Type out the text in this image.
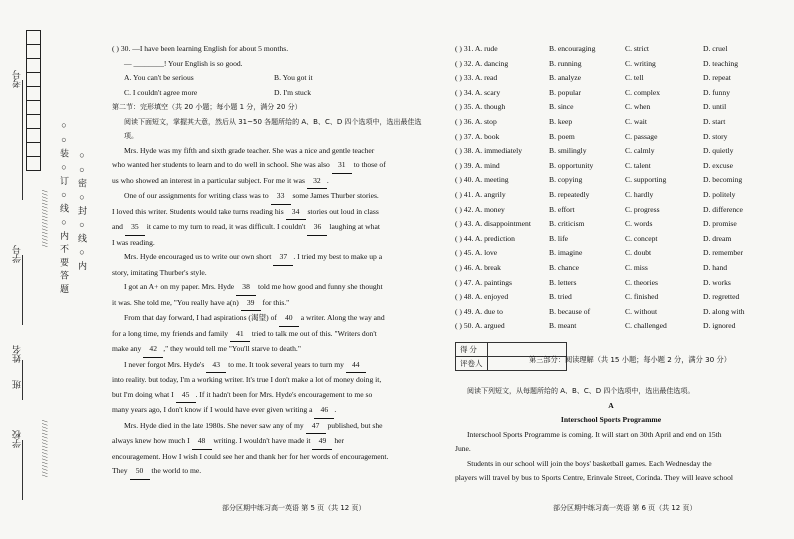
考号
学号
姓名
班
学校
//////////////////
//////////////////
○ ○ 装 ○ 订 ○ 线 ○ 内 不 要 答 题 ○ ○ 密 ○ 封 ○ 线 ○ 内
( ) 30. —I have been learning English for about 5 months.
— ________! Your English is so good.
A. You can't be serious	B. You got it
C. I couldn't agree more	D. I'm stuck
第二节：完形填空（共 20 小题；每小题 1 分，满分 20 分）
阅读下面短文，掌握其大意，然后从 31~50 各题所给的 A、B、C、D 四个选项中，选出最佳选项。
Mrs. Hyde was my fifth and sixth grade teacher. She was a nice and gentle teacher
who wanted her students to learn and to do well in school. She was also 31 to those of
us who showed an interest in a particular subject. For me it was 32 .
One of our assignments for writing class was to 33 some James Thurber stories.
I loved this writer. Students would take turns reading his 34 stories out loud in class
and 35 it came to my turn to read, it was difficult. I couldn't 36 laughing at what
I was reading.
Mrs. Hyde encouraged us to write our own short 37 . I tried my best to make up a
story, imitating Thurber's style.
I got an A+ on my paper. Mrs. Hyde 38 told me how good and funny she thought
it was. She told me, "You really have a(n) 39 for this."
From that day forward, I had aspirations (渴望) of 40 a writer. Along the way and
for a long time, my friends and family 41 tried to talk me out of this. "Writers don't
make any 42 ," they would tell me "You'll starve to death."
I never forgot Mrs. Hyde's 43 to me. It took several years to turn my 44
into reality. but today, I'm a working writer. It's true I don't make a lot of money doing it,
but I'm doing what I 45 . If it hadn't been for Mrs. Hyde's encouragement to me so
many years ago, I don't know if I would have ever given writing a 46 .
Mrs. Hyde died in the late 1980s. She never saw any of my 47 published, but she
always knew how much I 48 writing. I wouldn't have made it 49 her
encouragement. How I wish I could see her and thank her for her words of encouragement.
They 50 the world to me.
部分区期中练习高一英语 第 5 页（共 12 页）
( ) 31. A. rude	B. encouraging	C. strict	D. cruel
( ) 32. A. dancing	B. running	C. writing	D. teaching
( ) 33. A. read	B. analyze	C. tell	D. repeat
( ) 34. A. scary	B. popular	C. complex	D. funny
( ) 35. A. though	B. since	C. when	D. until
( ) 36. A. stop	B. keep	C. wait	D. start
( ) 37. A. book	B. poem	C. passage	D. story
( ) 38. A. immediately	B. smilingly	C. calmly	D. quietly
( ) 39. A. mind	B. opportunity	C. talent	D. excuse
( ) 40. A. meeting	B. copying	C. supporting	D. becoming
( ) 41. A. angrily	B. repeatedly	C. hardly	D. politely
( ) 42. A. money	B. effort	C. progress	D. difference
( ) 43. A. disappointment	B. criticism	C. words	D. promise
( ) 44. A. prediction	B. life	C. concept	D. dream
( ) 45. A. love	B. imagine	C. doubt	D. remember
( ) 46. A. break	B. chance	C. miss	D. hand
( ) 47. A. paintings	B. letters	C. theories	D. works
( ) 48. A. enjoyed	B. tried	C. finished	D. regretted
( ) 49. A. due to	B. because of	C. without	D. along with
( ) 50. A. argued	B. meant	C. challenged	D. ignored
得 分	
评卷人		第三部分：阅读理解（共 15 小题；每小题 2 分，满分 30 分）
阅读下列短文，从每题所给的 A、B、C、D 四个选项中，选出最佳选项。
A
Interschool Sports Programme
Interschool Sports Programme is coming. It will start on 30th April and end on 15th
June.
Students in our school will join the boys' basketball games. Each Wednesday the
players will travel by bus to Sports Centre, Erinvale Street, Corinda. They will leave school
部分区期中练习高一英语 第 6 页（共 12 页）
